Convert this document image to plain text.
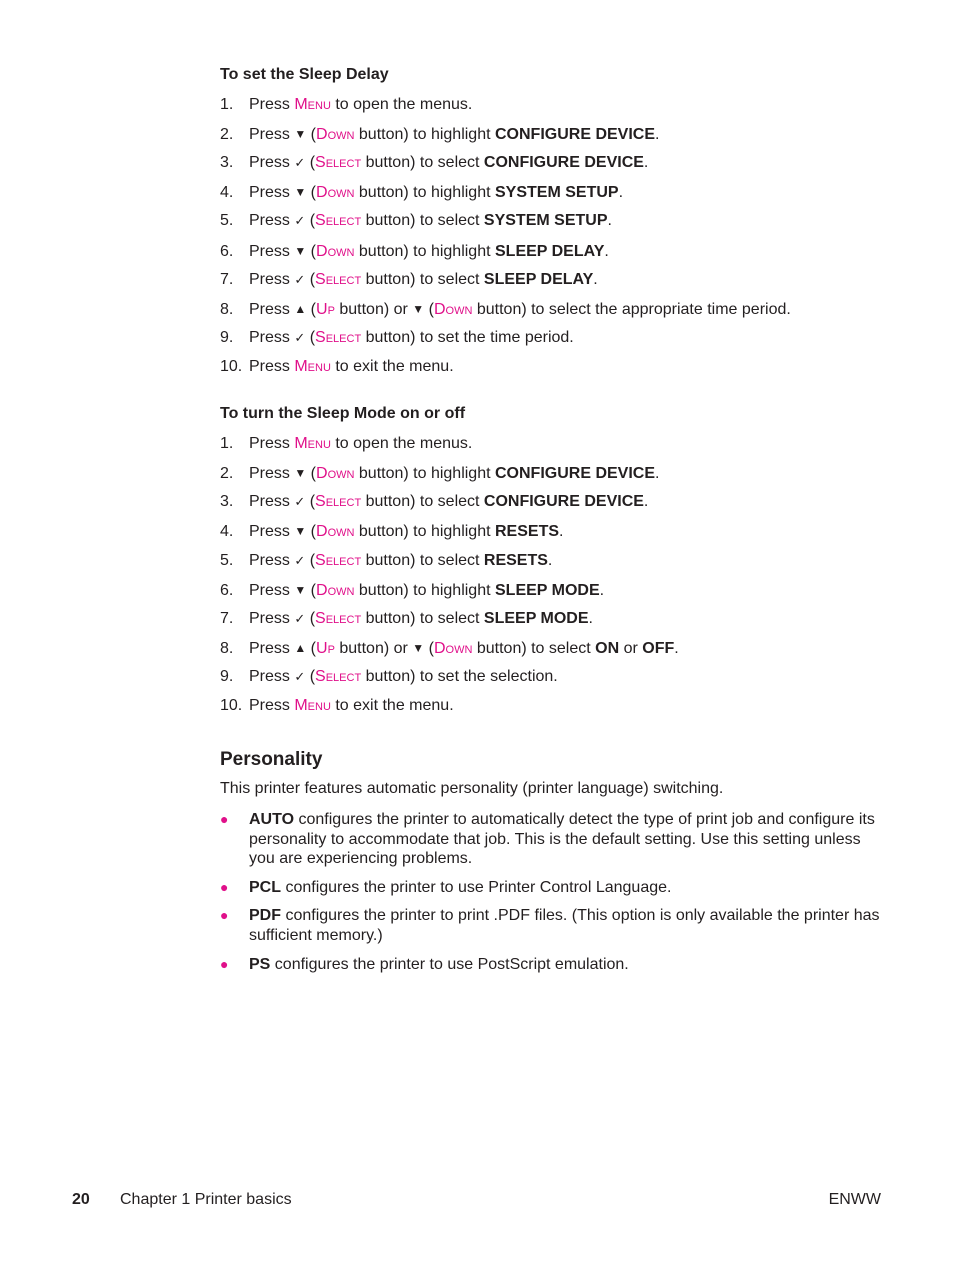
To set the Sleep Delay
1. Press Menu to open the menus.
2. Press ▼ (Down button) to highlight CONFIGURE DEVICE.
3. Press ✓ (Select button) to select CONFIGURE DEVICE.
4. Press ▼ (Down button) to highlight SYSTEM SETUP.
5. Press ✓ (Select button) to select SYSTEM SETUP.
6. Press ▼ (Down button) to highlight SLEEP DELAY.
7. Press ✓ (Select button) to select SLEEP DELAY.
8. Press ▲ (Up button) or ▼ (Down button) to select the appropriate time period.
9. Press ✓ (Select button) to set the time period.
10. Press Menu to exit the menu.
To turn the Sleep Mode on or off
1. Press Menu to open the menus.
2. Press ▼ (Down button) to highlight CONFIGURE DEVICE.
3. Press ✓ (Select button) to select CONFIGURE DEVICE.
4. Press ▼ (Down button) to highlight RESETS.
5. Press ✓ (Select button) to select RESETS.
6. Press ▼ (Down button) to highlight SLEEP MODE.
7. Press ✓ (Select button) to select SLEEP MODE.
8. Press ▲ (Up button) or ▼ (Down button) to select ON or OFF.
9. Press ✓ (Select button) to set the selection.
10. Press Menu to exit the menu.
Personality
This printer features automatic personality (printer language) switching.
● AUTO configures the printer to automatically detect the type of print job and configure its personality to accommodate that job. This is the default setting. Use this setting unless you are experiencing problems.
● PCL configures the printer to use Printer Control Language.
● PDF configures the printer to print .PDF files. (This option is only available the printer has sufficient memory.)
● PS configures the printer to use PostScript emulation.
20 Chapter 1 Printer basics	ENWW
